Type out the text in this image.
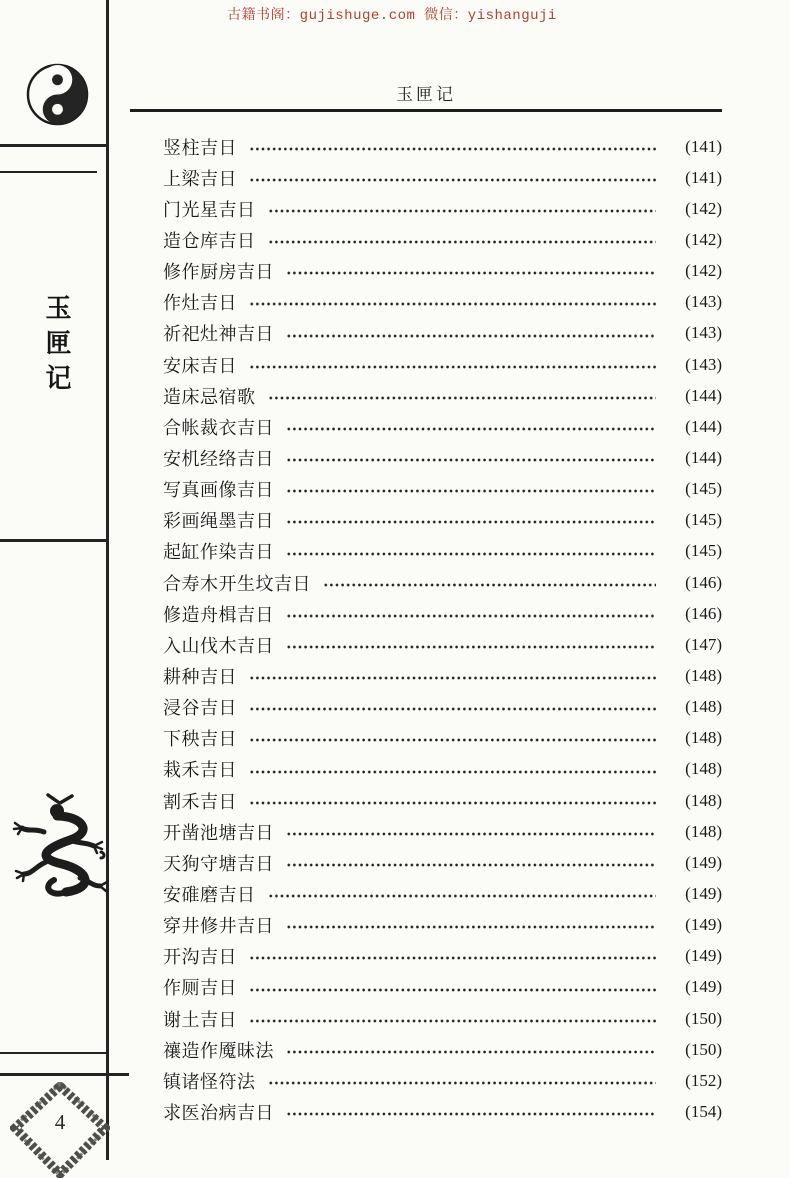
古籍书阁：gujishuge.com 微信：yishanguji
玉匣记
4
玉匣记
竖柱吉日	(141)
上梁吉日	(141)
门光星吉日	(142)
造仓库吉日	(142)
修作厨房吉日	(142)
作灶吉日	(143)
祈祀灶神吉日	(143)
安床吉日	(143)
造床忌宿歌	(144)
合帐裁衣吉日	(144)
安机经络吉日	(144)
写真画像吉日	(145)
彩画绳墨吉日	(145)
起缸作染吉日	(145)
合寿木开生坟吉日	(146)
修造舟楫吉日	(146)
入山伐木吉日	(147)
耕种吉日	(148)
浸谷吉日	(148)
下秧吉日	(148)
栽禾吉日	(148)
割禾吉日	(148)
开凿池塘吉日	(148)
天狗守塘吉日	(149)
安碓磨吉日	(149)
穿井修井吉日	(149)
开沟吉日	(149)
作厕吉日	(149)
谢土吉日	(150)
禳造作魇昧法	(150)
镇诸怪符法	(152)
求医治病吉日	(154)
